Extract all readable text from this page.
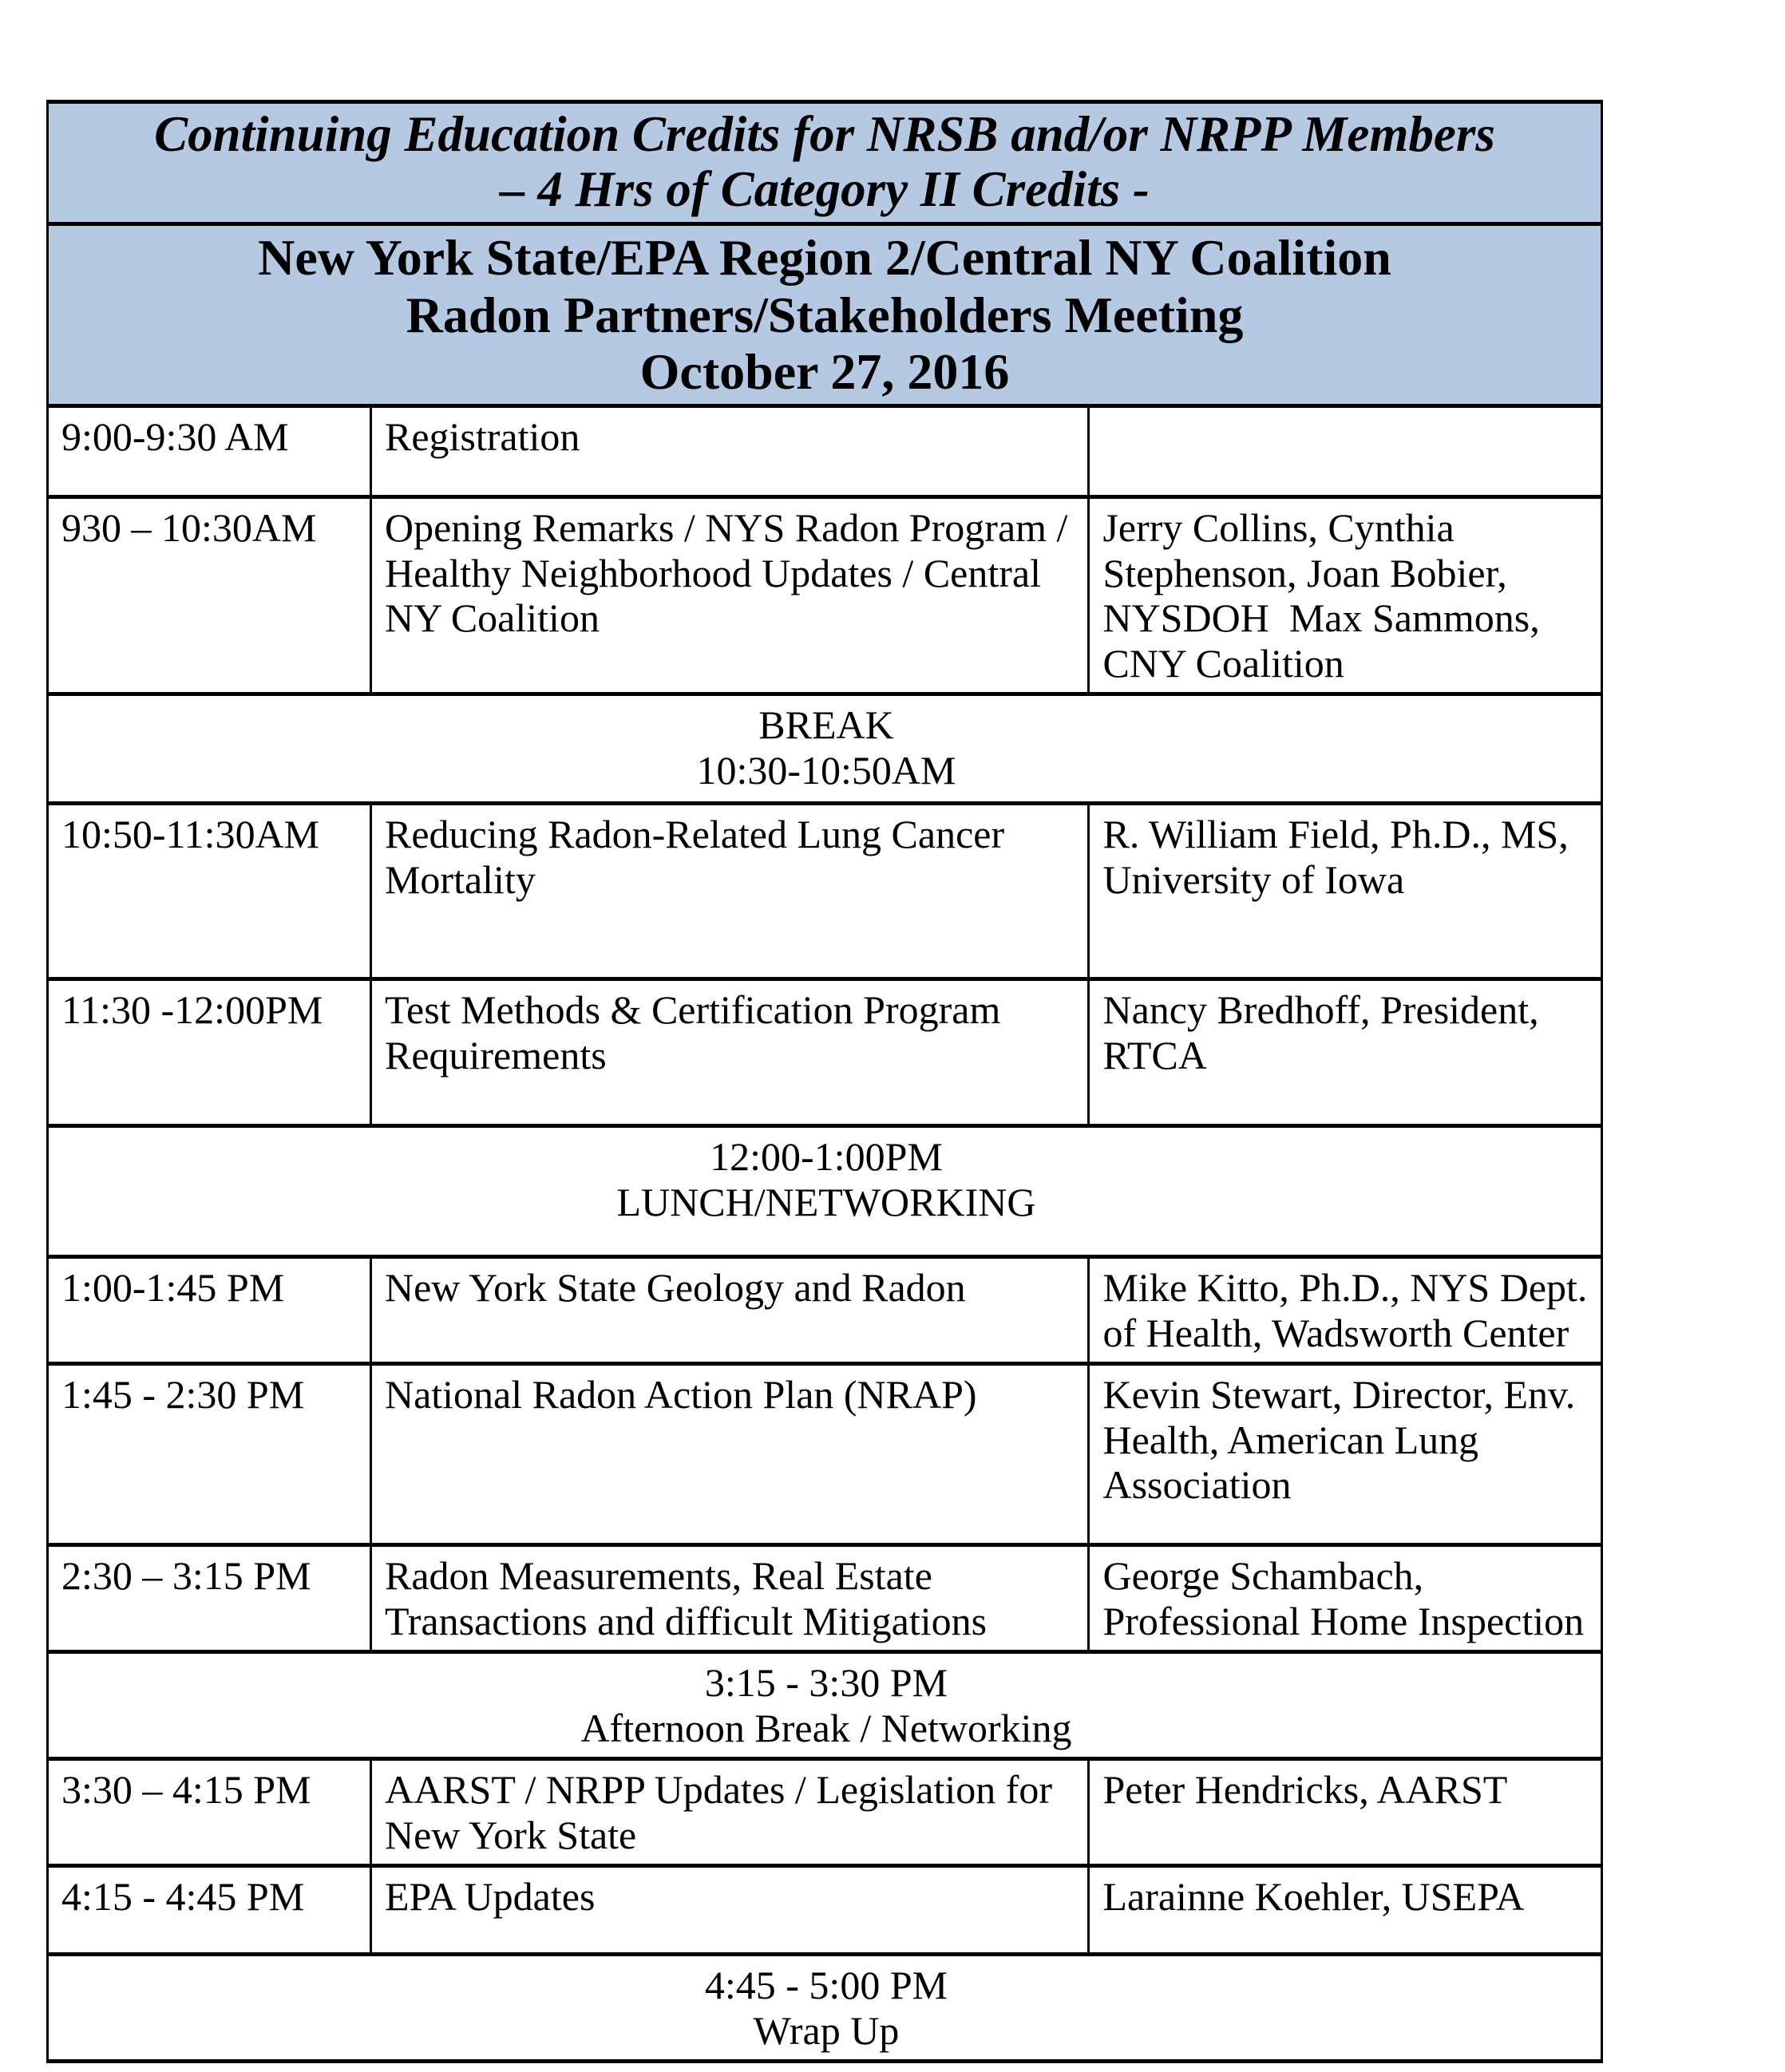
Continuing Education Credits for NRSB and/or NRPP Members
– 4 Hrs of Category II Credits -		

New York State/EPA Region 2/Central NY Coalition
Radon Partners/Stakeholders Meeting
October 27, 2016		

9:00-9:30 AM	Registration	
930 – 10:30AM	Opening Remarks / NYS Radon Program / Healthy Neighborhood Updates / Central NY Coalition	Jerry Collins, Cynthia Stephenson, Joan Bobier, NYSDOH  Max Sammons, CNY Coalition

BREAK
10:30-10:50AM		

10:50-11:30AM	Reducing Radon-Related Lung Cancer Mortality	R. William Field, Ph.D., MS, University of Iowa
11:30 -12:00PM	Test Methods & Certification Program Requirements	Nancy Bredhoff, President, RTCA

12:00-1:00PM
LUNCH/NETWORKING		

1:00-1:45 PM	New York State Geology and Radon	Mike Kitto, Ph.D., NYS Dept. of Health, Wadsworth Center
1:45 - 2:30 PM	National Radon Action Plan (NRAP)	Kevin Stewart, Director, Env. Health, American Lung Association
2:30 – 3:15 PM	Radon Measurements, Real Estate Transactions and difficult Mitigations	George Schambach, Professional Home Inspection

3:15 - 3:30 PM
Afternoon Break / Networking		

3:30 – 4:15 PM	AARST / NRPP Updates / Legislation for New York State	Peter Hendricks, AARST
4:15 - 4:45 PM	EPA Updates	Larainne Koehler, USEPA

4:45 - 5:00 PM
Wrap Up		
